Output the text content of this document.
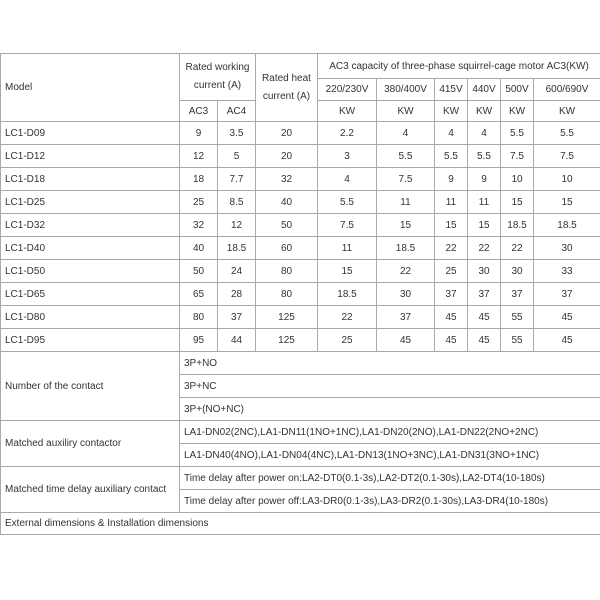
Model	Rated working current (A)		Rated heat current (A)	AC3 capacity of three-phase squirrel-cage motor AC3(KW)					
				220/230V	380/400V	415V	440V	500V	600/690V
	AC3	AC4		KW	KW	KW	KW	KW	KW
LC1-D09	9	3.5	20	2.2	4	4	4	5.5	5.5
LC1-D12	12	5	20	3	5.5	5.5	5.5	7.5	7.5
LC1-D18	18	7.7	32	4	7.5	9	9	10	10
LC1-D25	25	8.5	40	5.5	11	11	11	15	15
LC1-D32	32	12	50	7.5	15	15	15	18.5	18.5
LC1-D40	40	18.5	60	11	18.5	22	22	22	30
LC1-D50	50	24	80	15	22	25	30	30	33
LC1-D65	65	28	80	18.5	30	37	37	37	37
LC1-D80	80	37	125	22	37	45	45	55	45
LC1-D95	95	44	125	25	45	45	45	55	45
Number of the contact	3P+NO								
	3P+NC								
	3P+(NO+NC)								
Matched auxiliry contactor	LA1-DN02(2NC),LA1-DN11(1NO+1NC),LA1-DN20(2NO),LA1-DN22(2NO+2NC)								
	LA1-DN40(4NO),LA1-DN04(4NC),LA1-DN13(1NO+3NC),LA1-DN31(3NO+1NC)								
Matched time delay auxiliary contact	Time delay after power on:LA2-DT0(0.1-3s),LA2-DT2(0.1-30s),LA2-DT4(10-180s)								
	Time delay after power off:LA3-DR0(0.1-3s),LA3-DR2(0.1-30s),LA3-DR4(10-180s)								
External dimensions & Installation dimensions									
